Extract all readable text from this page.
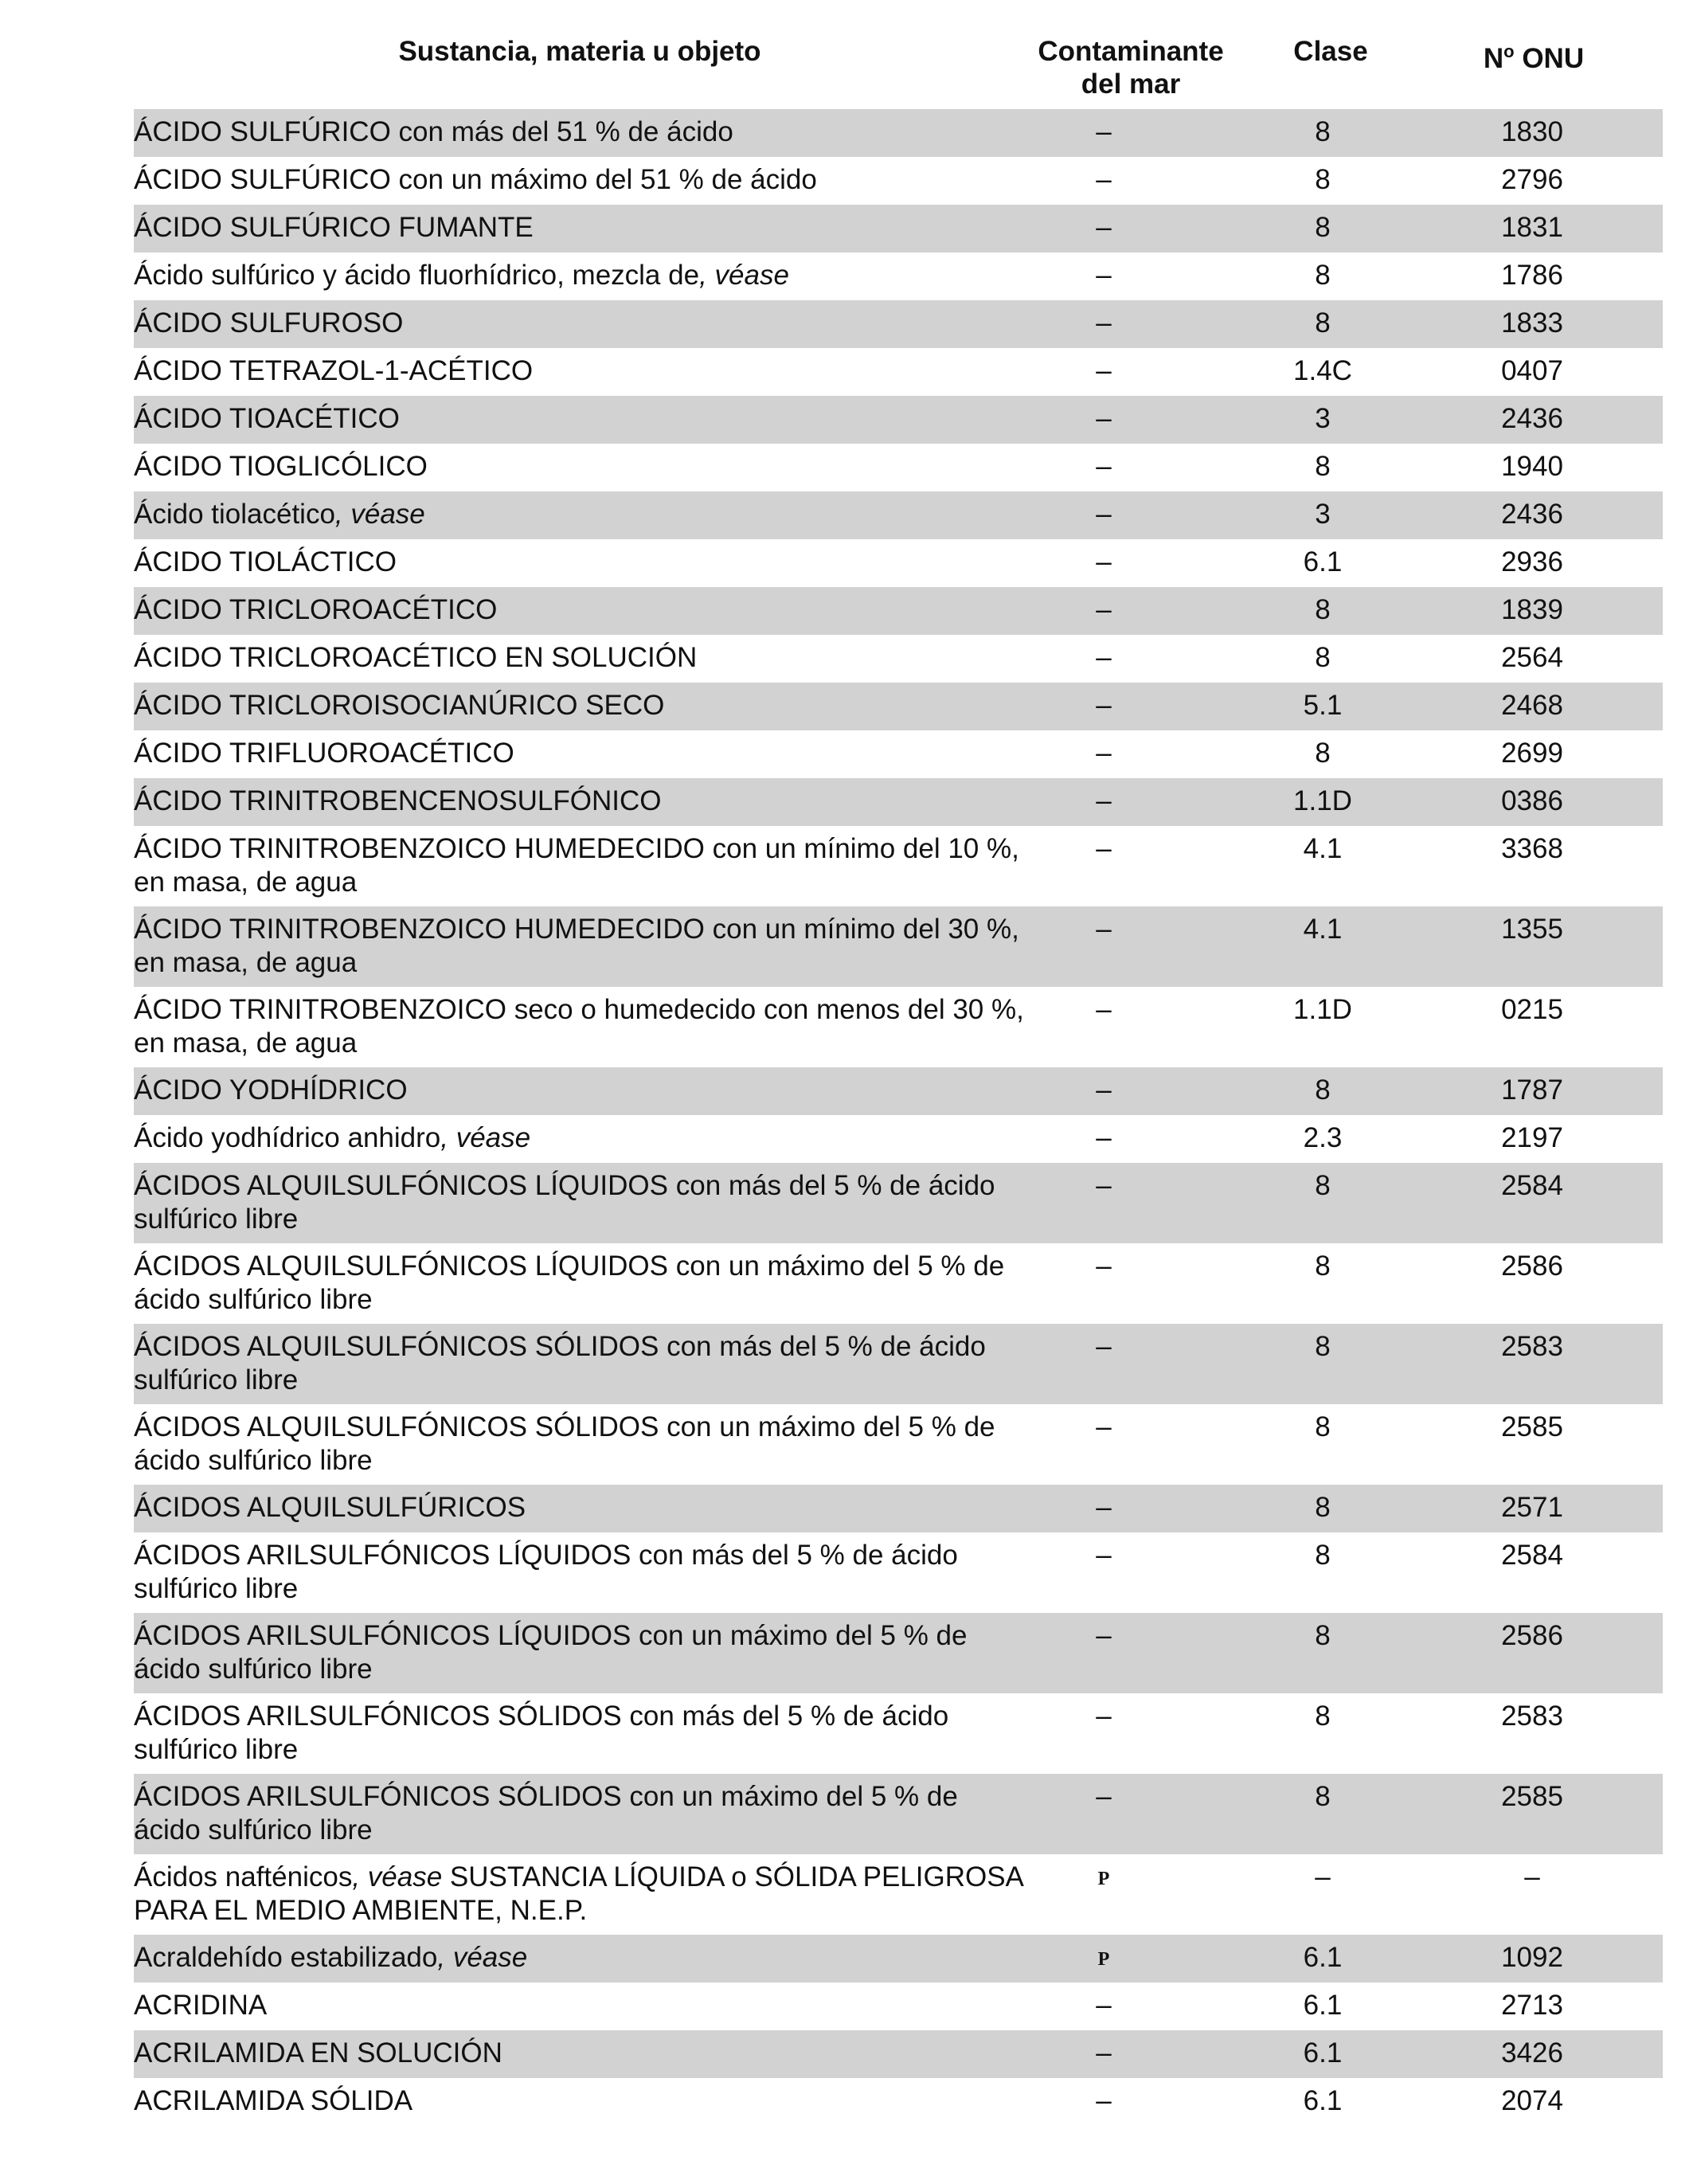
Sustancia, materia u objeto	Contaminante
del mar
Clase	$N^o$ ONU
ÁCIDO SULFÚRICO con más del 51 % de ácido	–	8	1830
ÁCIDO SULFÚRICO con un máximo del 51 % de ácido	–	8	2796
ÁCIDO SULFÚRICO FUMANTE	–	8	1831
Ácido sulfúrico y ácido fluorhídrico, mezcla de, véase	–	8	1786
ÁCIDO SULFUROSO	–	8	1833
ÁCIDO TETRAZOL-1-ACÉTICO	–	1.4C	0407
ÁCIDO TIOACÉTICO	–	3	2436
ÁCIDO TIOGLICÓLICO	–	8	1940
Ácido tiolacético, véase	–	3	2436
ÁCIDO TIOLÁCTICO	–	6.1	2936
ÁCIDO TRICLOROACÉTICO	–	8	1839
ÁCIDO TRICLOROACÉTICO EN SOLUCIÓN	–	8	2564
ÁCIDO TRICLOROISOCIANÚRICO SECO	–	5.1	2468
ÁCIDO TRIFLUOROACÉTICO	–	8	2699
ÁCIDO TRINITROBENCENOSULFÓNICO	–	1.1D	0386
ÁCIDO TRINITROBENZOICO HUMEDECIDO con un mínimo del 10 %,
en masa, de agua
–	4.1	3368
ÁCIDO TRINITROBENZOICO HUMEDECIDO con un mínimo del 30 %,
en masa, de agua
–	4.1	1355
ÁCIDO TRINITROBENZOICO seco o humedecido con menos del 30 %,
en masa, de agua
–	1.1D	0215
ÁCIDO YODHÍDRICO	–	8	1787
Ácido yodhídrico anhidro, véase	–	2.3	2197
ÁCIDOS ALQUILSULFÓNICOS LÍQUIDOS con más del 5 % de ácido
sulfúrico libre
–	8	2584
ÁCIDOS ALQUILSULFÓNICOS LÍQUIDOS con un máximo del 5 % de
ácido sulfúrico libre
–	8	2586
ÁCIDOS ALQUILSULFÓNICOS SÓLIDOS con más del 5 % de ácido
sulfúrico libre
–	8	2583
ÁCIDOS ALQUILSULFÓNICOS SÓLIDOS con un máximo del 5 % de
ácido sulfúrico libre
–	8	2585
ÁCIDOS ALQUILSULFÚRICOS	–	8	2571
ÁCIDOS ARILSULFÓNICOS LÍQUIDOS con más del 5 % de ácido
sulfúrico libre
–	8	2584
ÁCIDOS ARILSULFÓNICOS LÍQUIDOS con un máximo del 5 % de
ácido sulfúrico libre
–	8	2586
ÁCIDOS ARILSULFÓNICOS SÓLIDOS con más del 5 % de ácido
sulfúrico libre
–	8	2583
ÁCIDOS ARILSULFÓNICOS SÓLIDOS con un máximo del 5 % de
ácido sulfúrico libre
–	8	2585
Ácidos nafténicos, véase SUSTANCIA LÍQUIDA o SÓLIDA PELIGROSA
PARA EL MEDIO AMBIENTE, N.E.P.
P	–	–
Acraldehído estabilizado, véase	P	6.1	1092
ACRIDINA	–	6.1	2713
ACRILAMIDA EN SOLUCIÓN	–	6.1	3426
ACRILAMIDA SÓLIDA	–	6.1	2074
